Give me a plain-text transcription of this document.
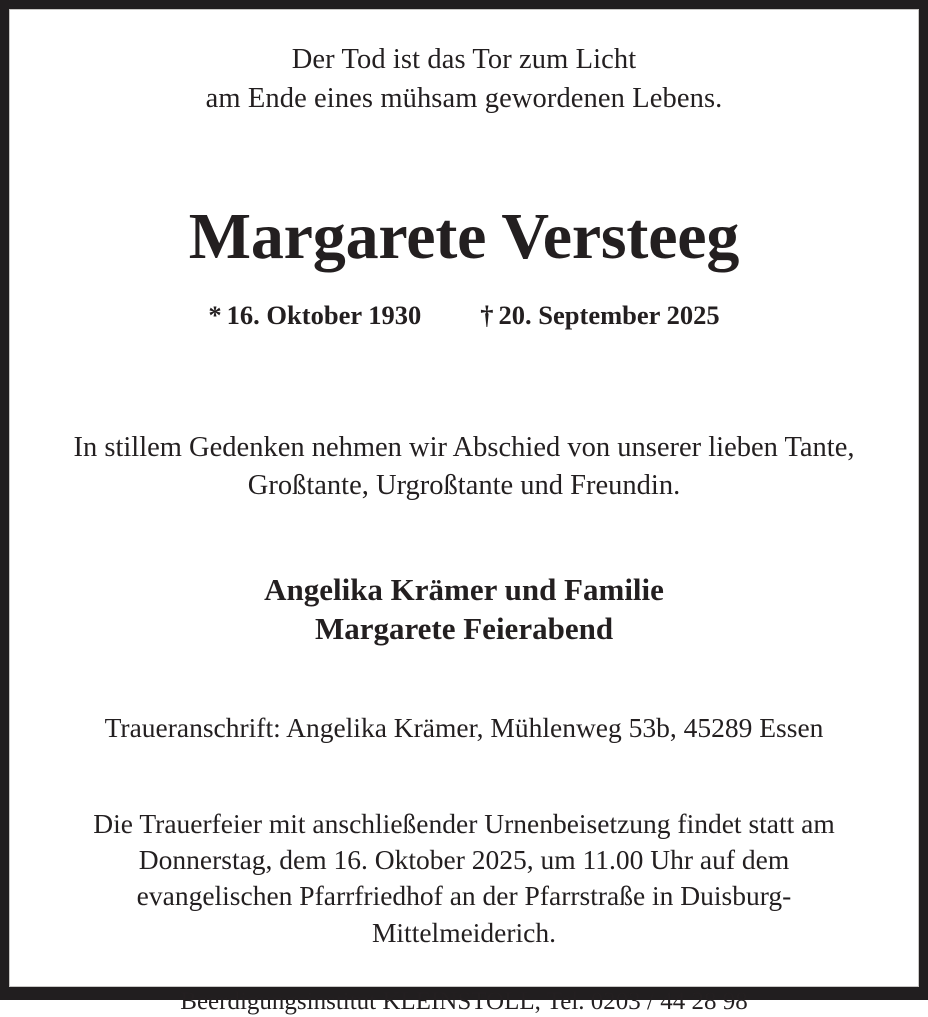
Der Tod ist das Tor zum Licht
am Ende eines mühsam gewordenen Lebens.

Margarete Versteeg

* 16. Oktober 1930 † 20. September 2025

In stillem Gedenken nehmen wir Abschied von unserer lieben Tante,
Großtante, Urgroßtante und Freundin.

Angelika Krämer und Familie
Margarete Feierabend

Traueranschrift: Angelika Krämer, Mühlenweg 53b, 45289 Essen

Die Trauerfeier mit anschließender Urnenbeisetzung findet statt am
Donnerstag, dem 16. Oktober 2025, um 11.00 Uhr auf dem
evangelischen Pfarrfriedhof an der Pfarrstraße in Duisburg-
Mittelmeiderich.

Beerdigungsinstitut KLEINSTOLL, Tel. 0203 / 44 28 98
